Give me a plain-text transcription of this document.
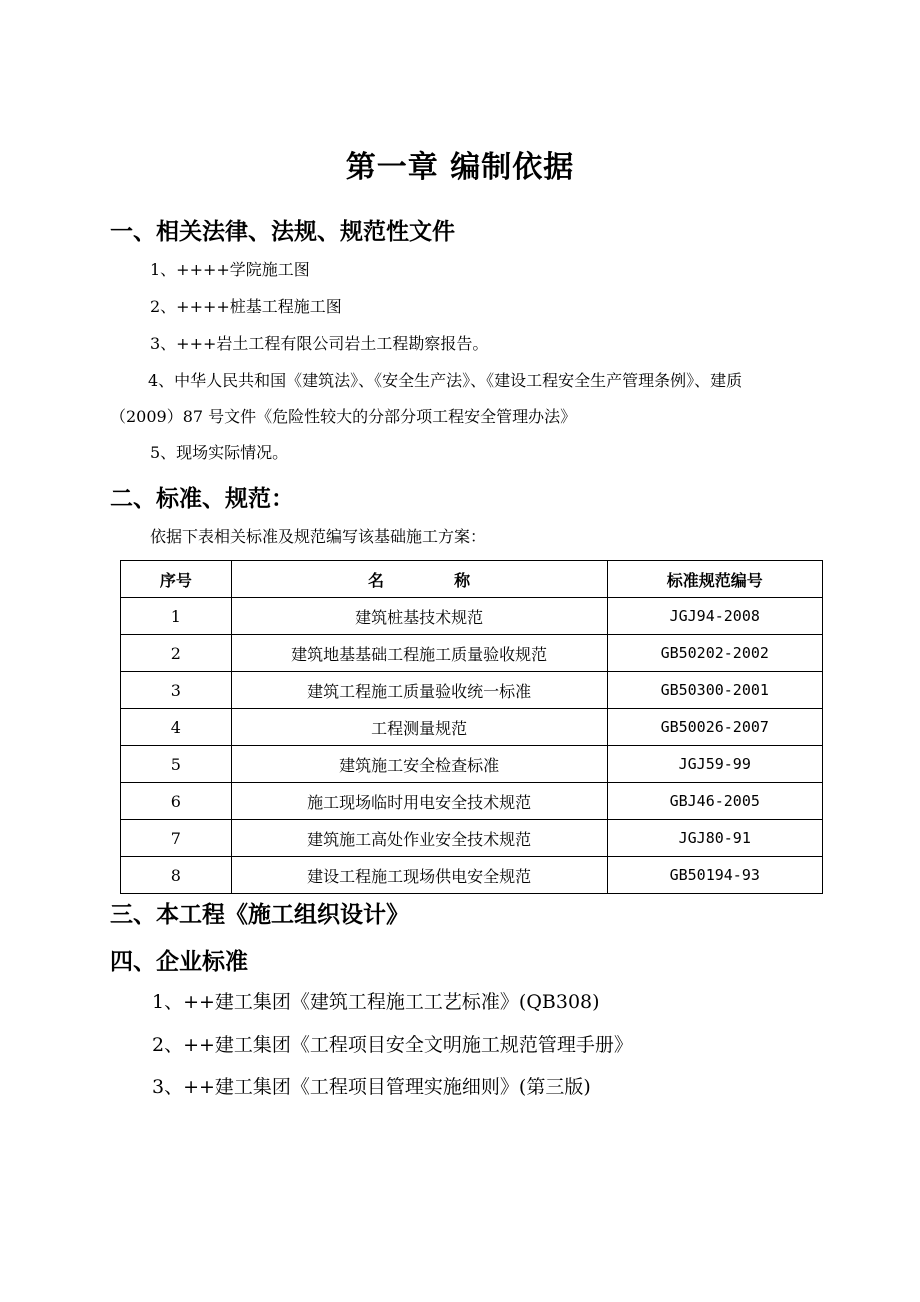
第一章 编制依据
一、相关法律、法规、规范性文件
1、++++学院施工图
2、++++桩基工程施工图
3、+++岩土工程有限公司岩土工程勘察报告。
4、中华人民共和国《建筑法》、《安全生产法》、《建设工程安全生产管理条例》、建质
（2009）87 号文件《危险性较大的分部分项工程安全管理办法》
5、现场实际情况。
二、标准、规范：
依据下表相关标准及规范编写该基础施工方案：
序号	名 称	标准规范编号
1	建筑桩基技术规范	JGJ94-2008
2	建筑地基基础工程施工质量验收规范	GB50202-2002
3	建筑工程施工质量验收统一标准	GB50300-2001
4	工程测量规范	GB50026-2007
5	建筑施工安全检查标准	JGJ59-99
6	施工现场临时用电安全技术规范	GBJ46-2005
7	建筑施工高处作业安全技术规范	JGJ80-91
8	建设工程施工现场供电安全规范	GB50194-93
三、本工程《施工组织设计》
四、企业标准
1、++建工集团《建筑工程施工工艺标准》(QB308)
2、++建工集团《工程项目安全文明施工规范管理手册》
3、++建工集团《工程项目管理实施细则》(第三版)
